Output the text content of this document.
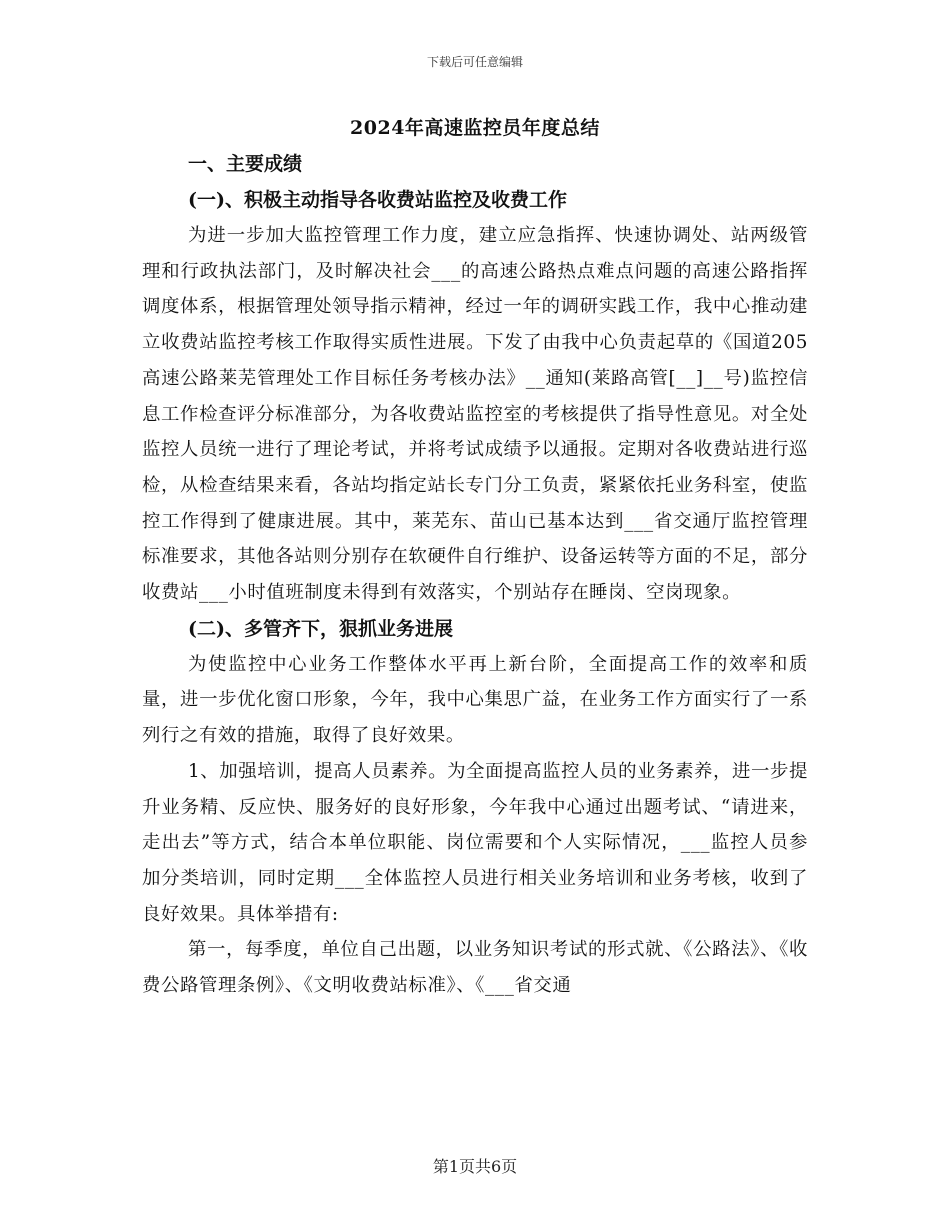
下载后可任意编辑
2024年高速监控员年度总结

一、主要成绩

(一)、积极主动指导各收费站监控及收费工作

为进一步加大监控管理工作力度，建立应急指挥、快速协调处、站两级管理和行政执法部门，及时解决社会___的高速公路热点难点问题的高速公路指挥调度体系，根据管理处领导指示精神，经过一年的调研实践工作，我中心推动建立收费站监控考核工作取得实质性进展。下发了由我中心负责起草的《国道205高速公路莱芜管理处工作目标任务考核办法》__通知(莱路高管[__]__号)监控信息工作检查评分标准部分，为各收费站监控室的考核提供了指导性意见。对全处监控人员统一进行了理论考试，并将考试成绩予以通报。定期对各收费站进行巡检，从检查结果来看，各站均指定站长专门分工负责，紧紧依托业务科室，使监控工作得到了健康进展。其中，莱芜东、苗山已基本达到___省交通厅监控管理标准要求，其他各站则分别存在软硬件自行维护、设备运转等方面的不足，部分收费站___小时值班制度未得到有效落实，个别站存在睡岗、空岗现象。

(二)、多管齐下，狠抓业务进展

为使监控中心业务工作整体水平再上新台阶，全面提高工作的效率和质量，进一步优化窗口形象，今年，我中心集思广益，在业务工作方面实行了一系列行之有效的措施，取得了良好效果。

1、加强培训，提高人员素养。为全面提高监控人员的业务素养，进一步提升业务精、反应快、服务好的良好形象，今年我中心通过出题考试、“请进来，走出去”等方式，结合本单位职能、岗位需要和个人实际情况，___监控人员参加分类培训，同时定期___全体监控人员进行相关业务培训和业务考核，收到了良好效果。具体举措有:

第一，每季度，单位自己出题，以业务知识考试的形式就、《公路法》、《收费公路管理条例》、《文明收费站标准》、《___省交通

第1页共6页
